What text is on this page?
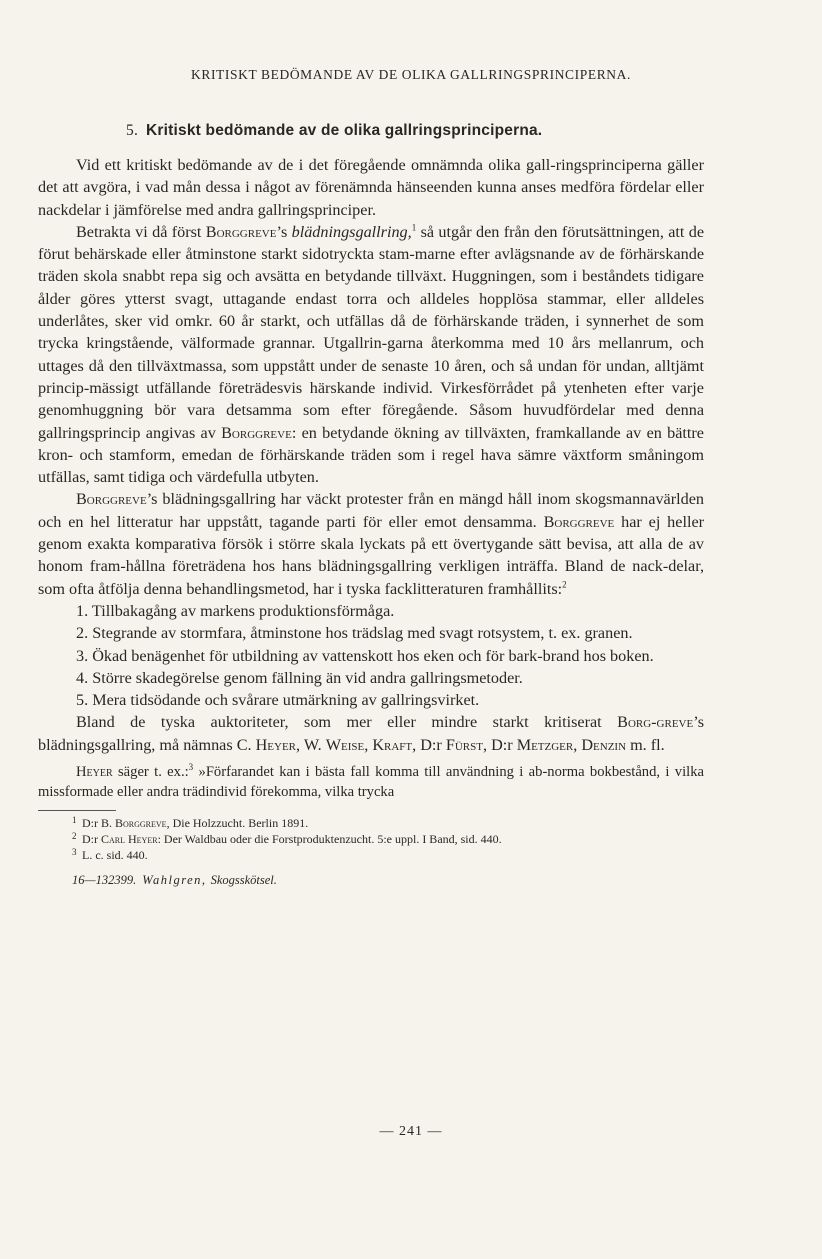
KRITISKT BEDÖMANDE AV DE OLIKA GALLRINGSPRINCIPERNA.
5. Kritiskt bedömande av de olika gallringsprinciperna.

Vid ett kritiskt bedömande av de i det föregående omnämnda olika gall-ringsprinciperna gäller det att avgöra, i vad mån dessa i något av förenämnda hänseenden kunna anses medföra fördelar eller nackdelar i jämförelse med andra gallringsprinciper.

Betrakta vi då först Borggreve’s blädningsgallring,$^1$ så utgår den från den förutsättningen, att de förut behärskade eller åtminstone starkt sidotryckta stam-marne efter avlägsnande av de förhärskande träden skola snabbt repa sig och avsätta en betydande tillväxt. Huggningen, som i beståndets tidigare ålder göres ytterst svagt, uttagande endast torra och alldeles hopplösa stammar, eller alldeles underlåtes, sker vid omkr. 60 år starkt, och utfällas då de förhärskande träden, i synnerhet de som trycka kringstående, välformade grannar. Utgallrin-garna återkomma med 10 års mellanrum, och uttages då den tillväxtmassa, som uppstått under de senaste 10 åren, och så undan för undan, alltjämt princip-mässigt utfällande företrädesvis härskande individ. Virkesförrådet på ytenheten efter varje genomhuggning bör vara detsamma som efter föregående. Såsom huvudfördelar med denna gallringsprincip angivas av Borggreve: en betydande ökning av tillväxten, framkallande av en bättre kron- och stamform, emedan de förhärskande träden som i regel hava sämre växtform småningom utfällas, samt tidiga och värdefulla utbyten.

Borggreve’s blädningsgallring har väckt protester från en mängd håll inom skogsmannavärlden och en hel litteratur har uppstått, tagande parti för eller emot densamma. Borggreve har ej heller genom exakta komparativa försök i större skala lyckats på ett övertygande sätt bevisa, att alla de av honom fram-hållna företrädena hos hans blädningsgallring verkligen inträffa. Bland de nack-delar, som ofta åtfölja denna behandlingsmetod, har i tyska facklitteraturen framhållits:$^2$

1. Tillbakagång av markens produktionsförmåga.

2. Stegrande av stormfara, åtminstone hos trädslag med svagt rotsystem, t. ex. granen.

3. Ökad benägenhet för utbildning av vattenskott hos eken och för bark-brand hos boken.

4. Större skadegörelse genom fällning än vid andra gallringsmetoder.

5. Mera tidsödande och svårare utmärkning av gallringsvirket.

Bland de tyska auktoriteter, som mer eller mindre starkt kritiserat Borg-greve’s blädningsgallring, må nämnas C. Heyer, W. Weise, Kraft, D:r Fürst, D:r Metzger, Denzin m. fl.

Heyer säger t. ex.:$^3$ »Förfarandet kan i bästa fall komma till användning i ab-norma bokbestånd, i vilka missformade eller andra trädindivid förekomma, vilka trycka

1 D:r B. Borggreve, Die Holzzucht. Berlin 1891.
2 D:r Carl Heyer: Der Waldbau oder die Forstproduktenzucht. 5:e uppl. I Band, sid. 440.
3 L. c. sid. 440.
16—132399. Wahlgren, Skogsskötsel.
— 241 —
